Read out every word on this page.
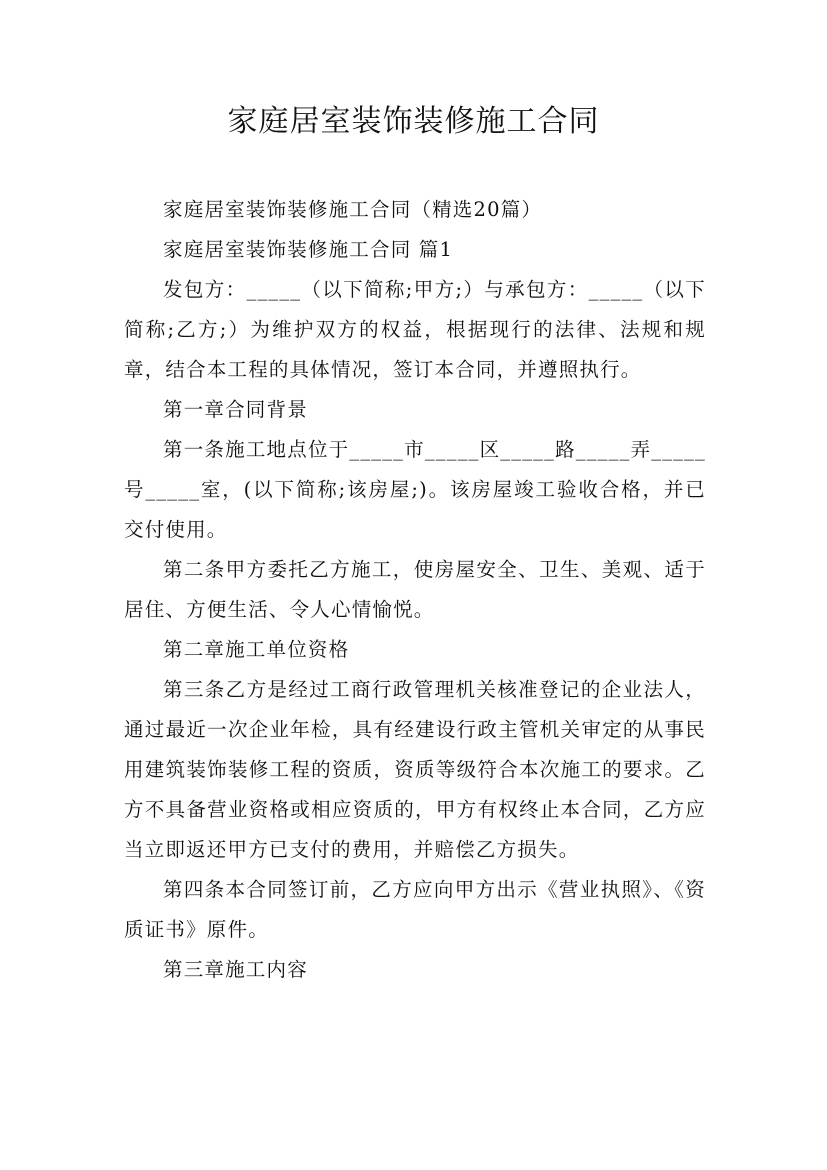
家庭居室装饰装修施工合同

家庭居室装饰装修施工合同（精选20篇）

家庭居室装饰装修施工合同 篇1

发包方：_____（以下简称;甲方;）与承包方：_____（以下简称;乙方;）为维护双方的权益，根据现行的法律、法规和规章，结合本工程的具体情况，签订本合同，并遵照执行。

第一章合同背景

第一条施工地点位于_____市_____区_____路_____弄_____号_____室，(以下简称;该房屋;)。该房屋竣工验收合格，并已交付使用。

第二条甲方委托乙方施工，使房屋安全、卫生、美观、适于居住、方便生活、令人心情愉悦。

第二章施工单位资格

第三条乙方是经过工商行政管理机关核准登记的企业法人，通过最近一次企业年检，具有经建设行政主管机关审定的从事民用建筑装饰装修工程的资质，资质等级符合本次施工的要求。乙方不具备营业资格或相应资质的，甲方有权终止本合同，乙方应当立即返还甲方已支付的费用，并赔偿乙方损失。

第四条本合同签订前，乙方应向甲方出示《营业执照》、《资质证书》原件。

第三章施工内容
